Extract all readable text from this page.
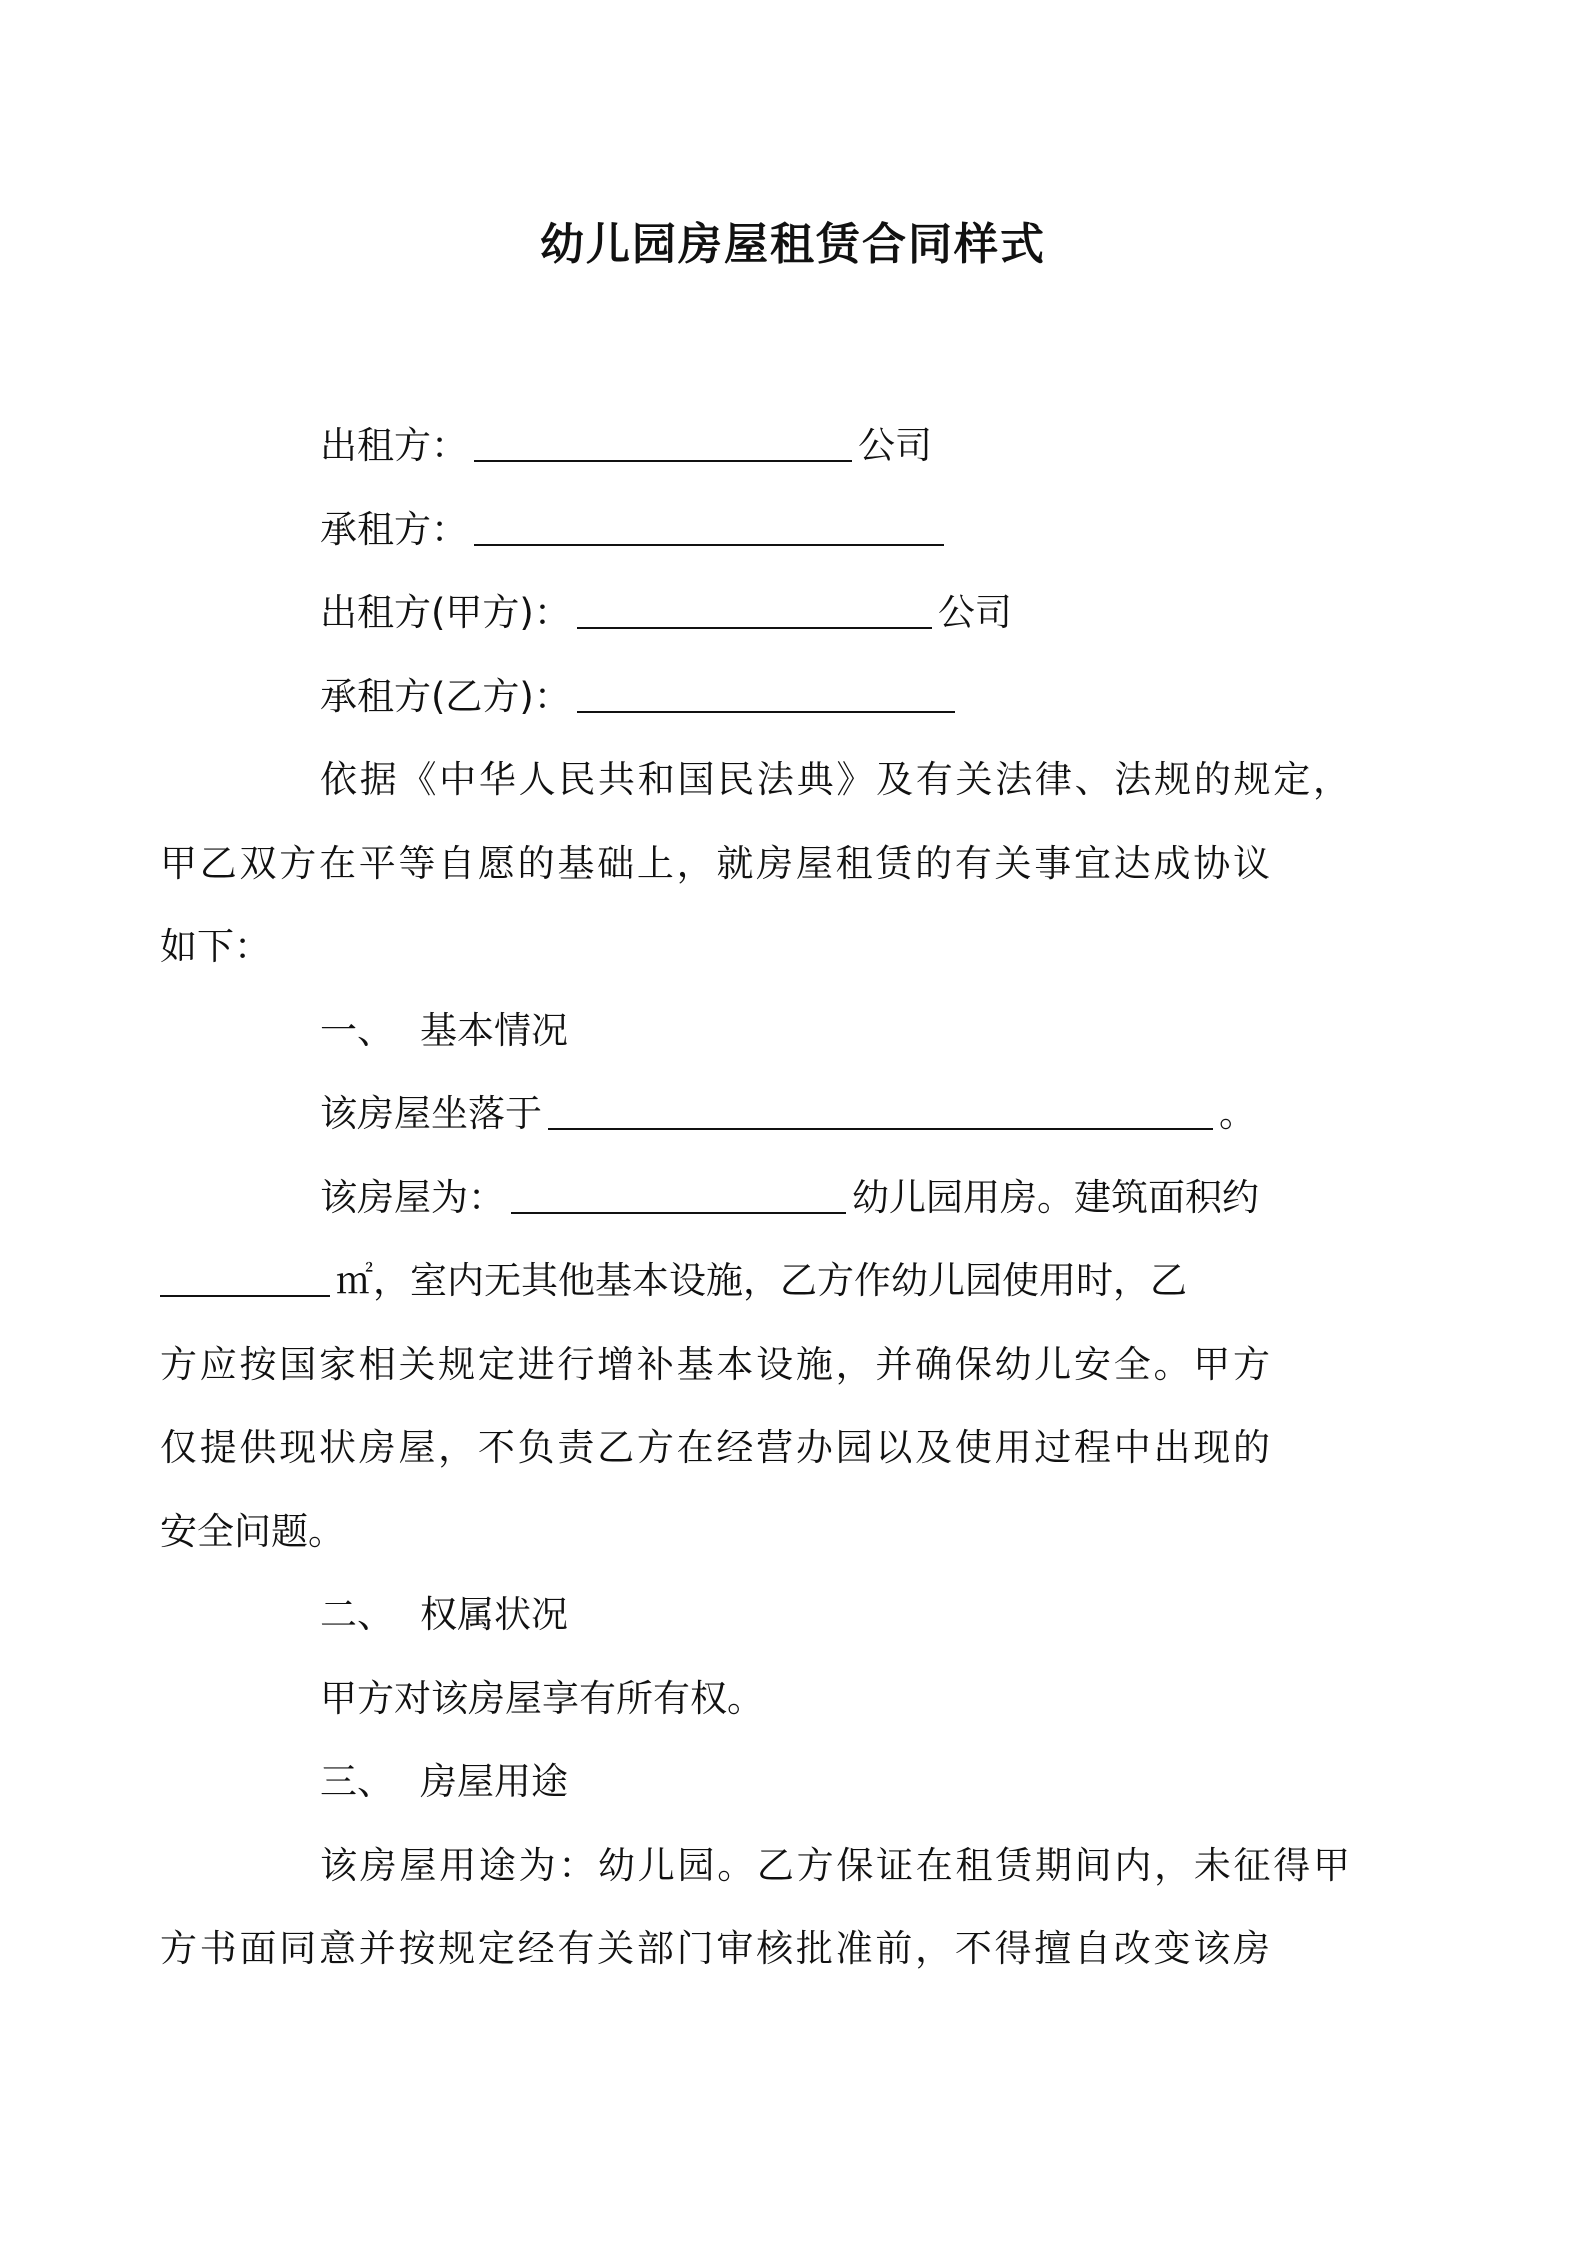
幼儿园房屋租赁合同样式
出租方：	公司
承租方：
出租方(甲方)：	公司
承租方(乙方)：
依据《中华人民共和国民法典》及有关法律、法规的规定，
甲乙双方在平等自愿的基础上，就房屋租赁的有关事宜达成协议
如下：
一、 基本情况
该房屋坐落于	。
该房屋为：	幼儿园用房。建筑面积约
㎡，室内无其他基本设施，乙方作幼儿园使用时，乙
方应按国家相关规定进行增补基本设施，并确保幼儿安全。甲方
仅提供现状房屋，不负责乙方在经营办园以及使用过程中出现的
安全问题。
二、 权属状况
甲方对该房屋享有所有权。
三、 房屋用途
该房屋用途为：幼儿园。乙方保证在租赁期间内，未征得甲
方书面同意并按规定经有关部门审核批准前，不得擅自改变该房
